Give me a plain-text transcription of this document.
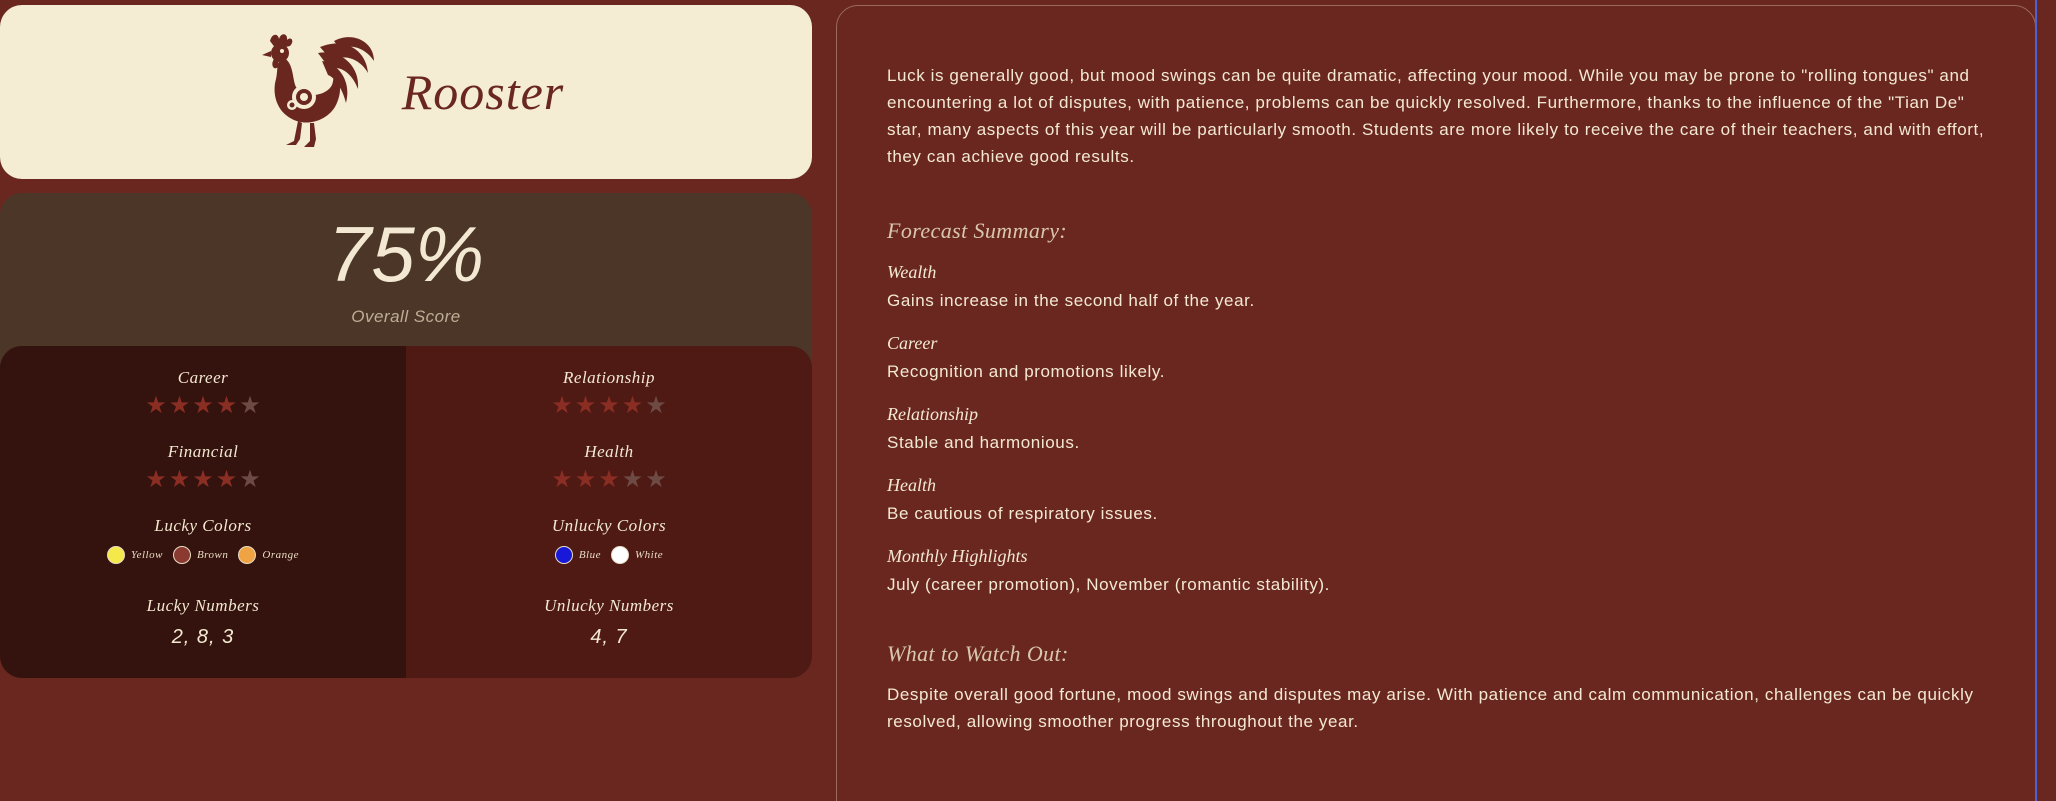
Rooster
75%
Overall Score
Career
★ ★ ★ ★ ★
Financial
★ ★ ★ ★ ★
Lucky Colors
Yellow	Brown	Orange
Lucky Numbers
2, 8, 3
Relationship
★ ★ ★ ★ ★
Health
★ ★ ★ ★ ★
Unlucky Colors
Blue	White
Unlucky Numbers
4, 7

Luck is generally good, but mood swings can be quite dramatic, affecting your mood. While you may be prone to "rolling tongues" and encountering a lot of disputes, with patience, problems can be quickly resolved. Furthermore, thanks to the influence of the "Tian De" star, many aspects of this year will be particularly smooth. Students are more likely to receive the care of their teachers, and with effort, they can achieve good results.

Forecast Summary:
Wealth
Gains increase in the second half of the year.
Career
Recognition and promotions likely.
Relationship
Stable and harmonious.
Health
Be cautious of respiratory issues.
Monthly Highlights
July (career promotion), November (romantic stability).
What to Watch Out:

Despite overall good fortune, mood swings and disputes may arise. With patience and calm communication, challenges can be quickly resolved, allowing smoother progress throughout the year.
